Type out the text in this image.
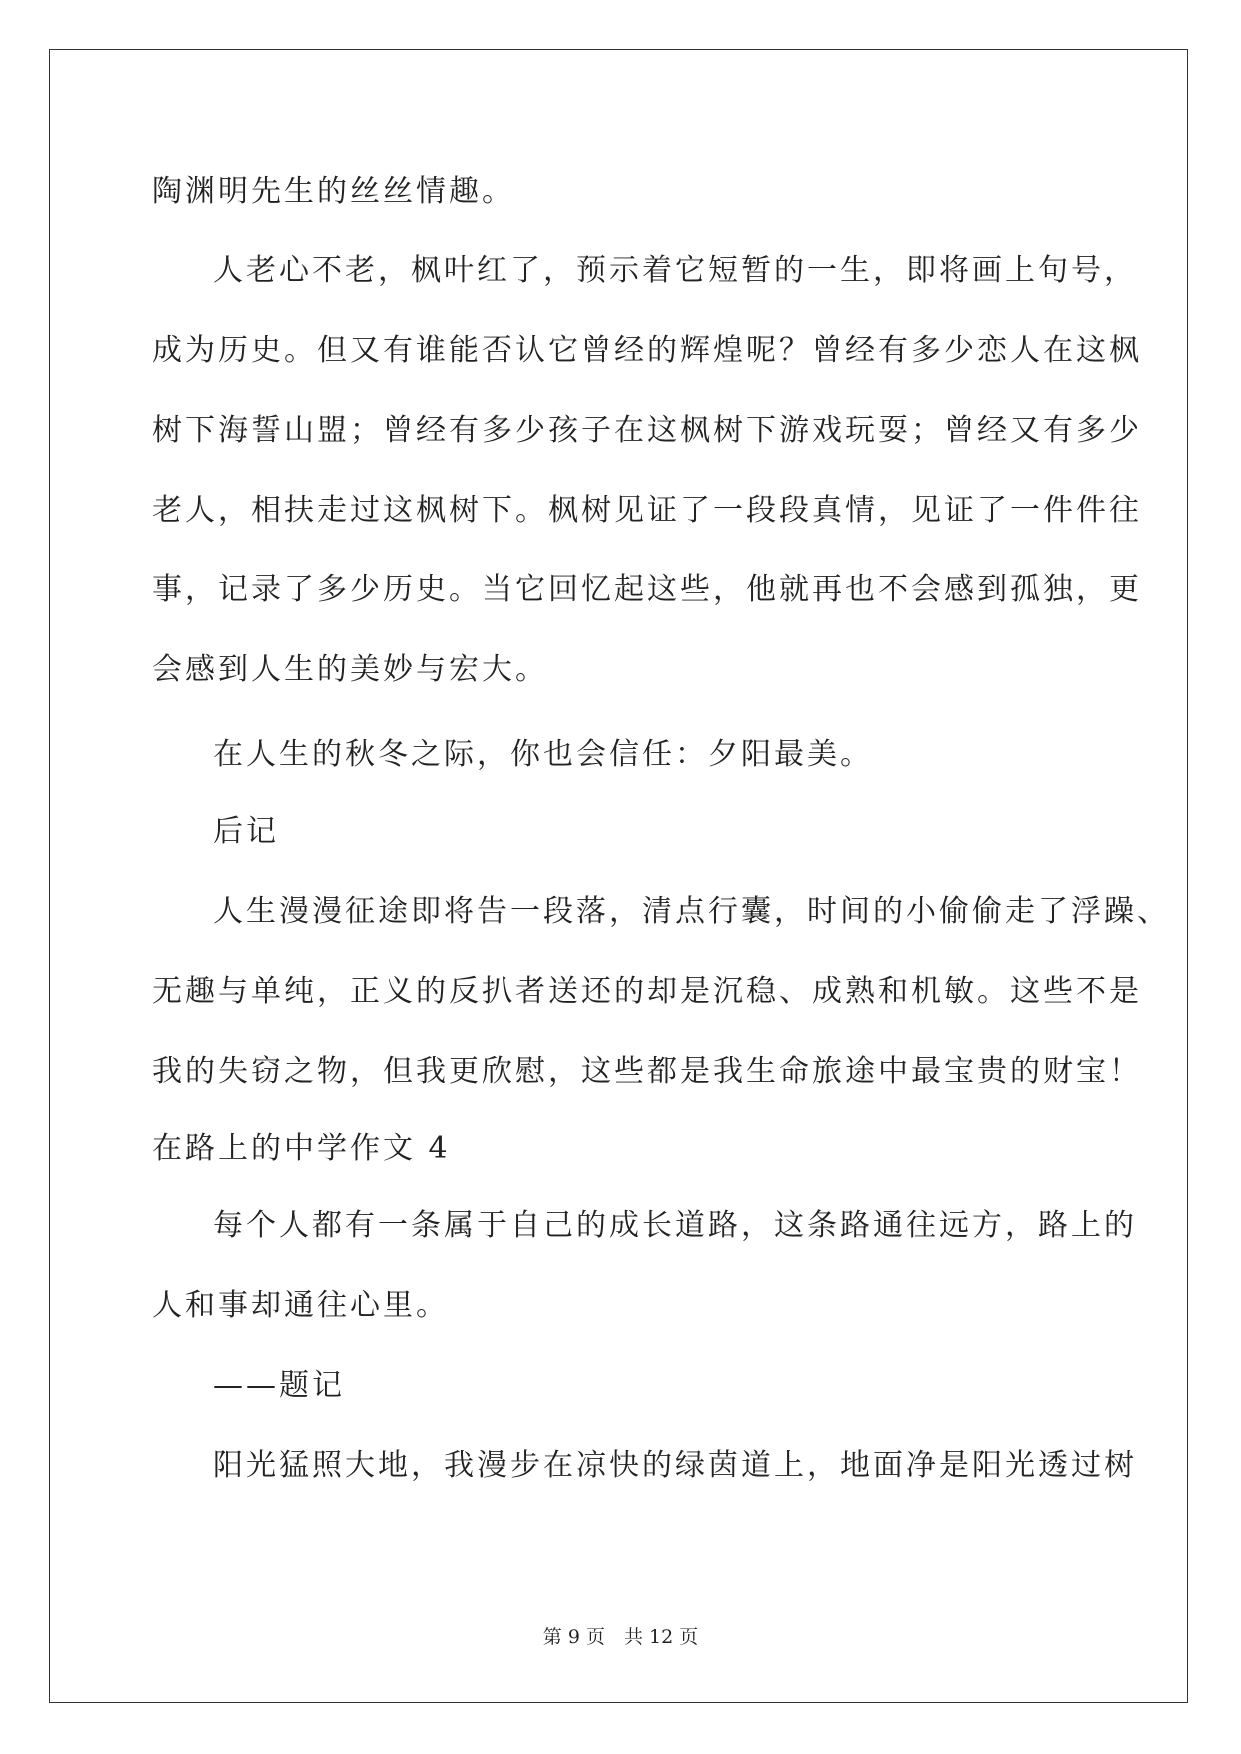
陶渊明先生的丝丝情趣。
人老心不老，枫叶红了，预示着它短暂的一生，即将画上句号，
成为历史。但又有谁能否认它曾经的辉煌呢？曾经有多少恋人在这枫
树下海誓山盟；曾经有多少孩子在这枫树下游戏玩耍；曾经又有多少
老人，相扶走过这枫树下。枫树见证了一段段真情，见证了一件件往
事，记录了多少历史。当它回忆起这些，他就再也不会感到孤独，更
会感到人生的美妙与宏大。
在人生的秋冬之际，你也会信任：夕阳最美。
后记
人生漫漫征途即将告一段落，清点行囊，时间的小偷偷走了浮躁、
无趣与单纯，正义的反扒者送还的却是沉稳、成熟和机敏。这些不是
我的失窃之物，但我更欣慰，这些都是我生命旅途中最宝贵的财宝！
在路上的中学作文 4
每个人都有一条属于自己的成长道路，这条路通往远方，路上的
人和事却通往心里。
——题记
阳光猛照大地，我漫步在凉快的绿茵道上，地面净是阳光透过树
第 9 页　共 12 页
